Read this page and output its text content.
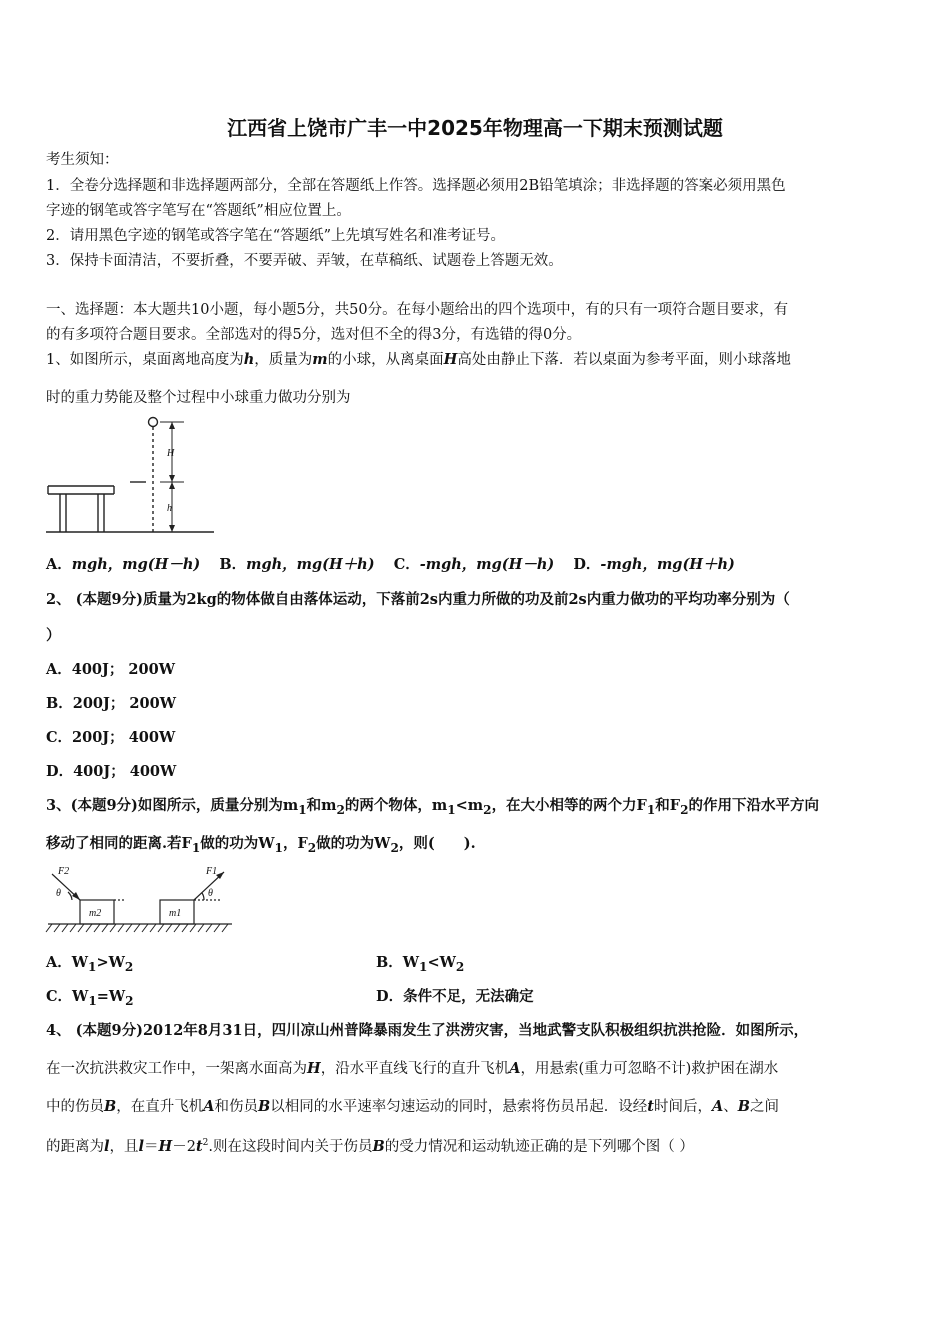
江西省上饶市广丰一中2025年物理高一下期末预测试题
考生须知：
1．全卷分选择题和非选择题两部分，全部在答题纸上作答。选择题必须用2B铅笔填涂；非选择题的答案必须用黑色
字迹的钢笔或答字笔写在“答题纸”相应位置上。
2．请用黑色字迹的钢笔或答字笔在“答题纸”上先填写姓名和准考证号。
3．保持卡面清洁，不要折叠，不要弄破、弄皱，在草稿纸、试题卷上答题无效。
一、选择题：本大题共10小题，每小题5分，共50分。在每小题给出的四个选项中，有的只有一项符合题目要求，有
的有多项符合题目要求。全部选对的得5分，选对但不全的得3分，有选错的得0分。
1、如图所示，桌面离地高度为h，质量为m的小球，从离桌面H高处由静止下落．若以桌面为参考平面，则小球落地
时的重力势能及整个过程中小球重力做功分别为
H
h
A．mgh，mg(H－h)　 B．mgh，mg(H＋h)　 C．-mgh，mg(H－h)　 D．-mgh，mg(H＋h)
2、 (本题9分)质量为2kg的物体做自由落体运动，下落前2s内重力所做的功及前2s内重力做功的平均功率分别为（
）
A．400J； 200W
B．200J； 200W
C．200J； 400W
D．400J； 400W
3、(本题9分)如图所示，质量分别为$m_1$和$m_2$的两个物体，$m_1<m_2$，在大小相等的两个力$F_1$和$F_2$的作用下沿水平方向
移动了相同的距离.若$F_1$做的功为$W_1$，$F_2$做的功为$W_2$，则(　　).
F2	F1
θ	θ
m2	m1
A．$W_1>W_2$	B．$W_1<W_2$
C．$W_1=W_2$	D．条件不足，无法确定
4、 (本题9分)2012年8月31日，四川凉山州普降暴雨发生了洪涝灾害，当地武警支队积极组织抗洪抢险．如图所示，
在一次抗洪救灾工作中，一架离水面高为H，沿水平直线飞行的直升飞机A，用悬索(重力可忽略不计)救护困在湖水
中的伤员B，在直升飞机A和伤员B以相同的水平速率匀速运动的同时，悬索将伤员吊起．设经t时间后，A、B之间
的距离为l，且$l=H-2t^2$.则在这段时间内关于伤员B的受力情况和运动轨迹正确的是下列哪个图（ ）
